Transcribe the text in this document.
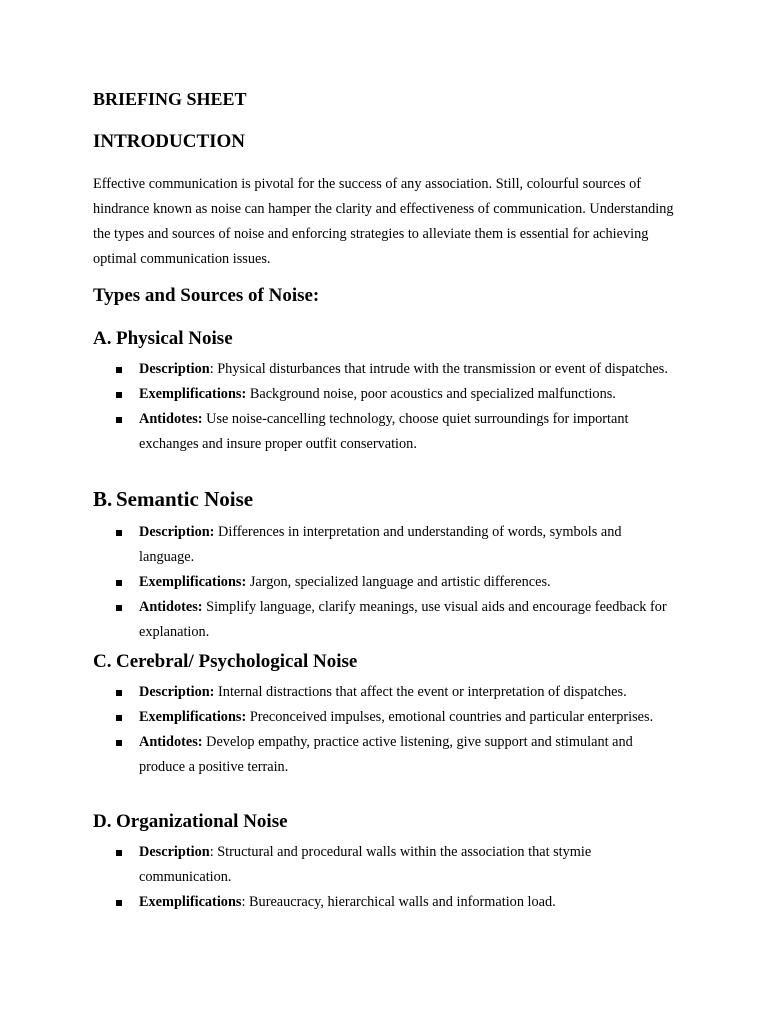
BRIEFING SHEET
INTRODUCTION

Effective communication is pivotal for the success of any association. Still, colourful sources of hindrance known as noise can hamper the clarity and effectiveness of communication. Understanding the types and sources of noise and enforcing strategies to alleviate them is essential for achieving optimal communication issues.

Types and Sources of Noise:
A. Physical Noise
Description: Physical disturbances that intrude with the transmission or event of dispatches.
Exemplifications: Background noise, poor acoustics and specialized malfunctions.
Antidotes: Use noise-cancelling technology, choose quiet surroundings for important exchanges and insure proper outfit conservation.
B. Semantic Noise
Description: Differences in interpretation and understanding of words, symbols and language.
Exemplifications: Jargon, specialized language and artistic differences.
Antidotes: Simplify language, clarify meanings, use visual aids and encourage feedback for explanation.
C. Cerebral/ Psychological Noise
Description: Internal distractions that affect the event or interpretation of dispatches.
Exemplifications: Preconceived impulses, emotional countries and particular enterprises.
Antidotes: Develop empathy, practice active listening, give support and stimulant and produce a positive terrain.
D. Organizational Noise
Description: Structural and procedural walls within the association that stymie communication.
Exemplifications: Bureaucracy, hierarchical walls and information load.
